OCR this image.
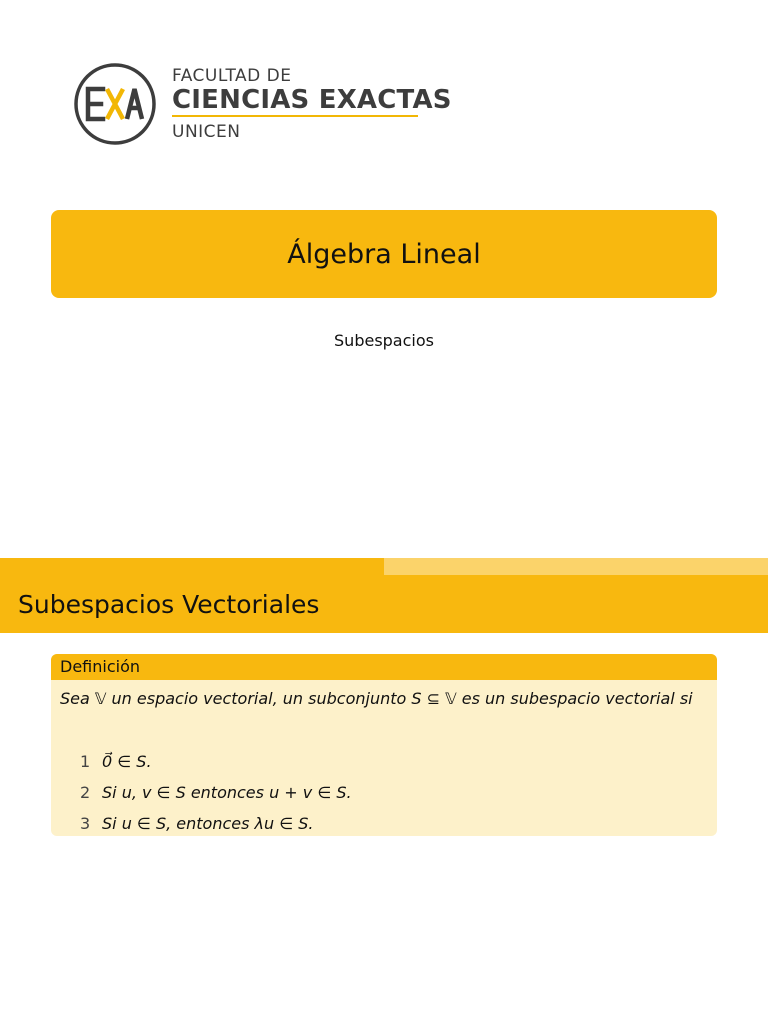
FACULTAD DE
CIENCIAS EXACTAS
UNICEN
Álgebra Lineal
Subespacios
Subespacios Vectoriales
Definición
Sea 𝕍 un espacio vectorial, un subconjunto S ⊆ 𝕍 es un subespacio vectorial si
1 0⃗ ∈ S.
2 Si u, v ∈ S entonces u + v ∈ S.
3 Si u ∈ S, entonces λu ∈ S.
